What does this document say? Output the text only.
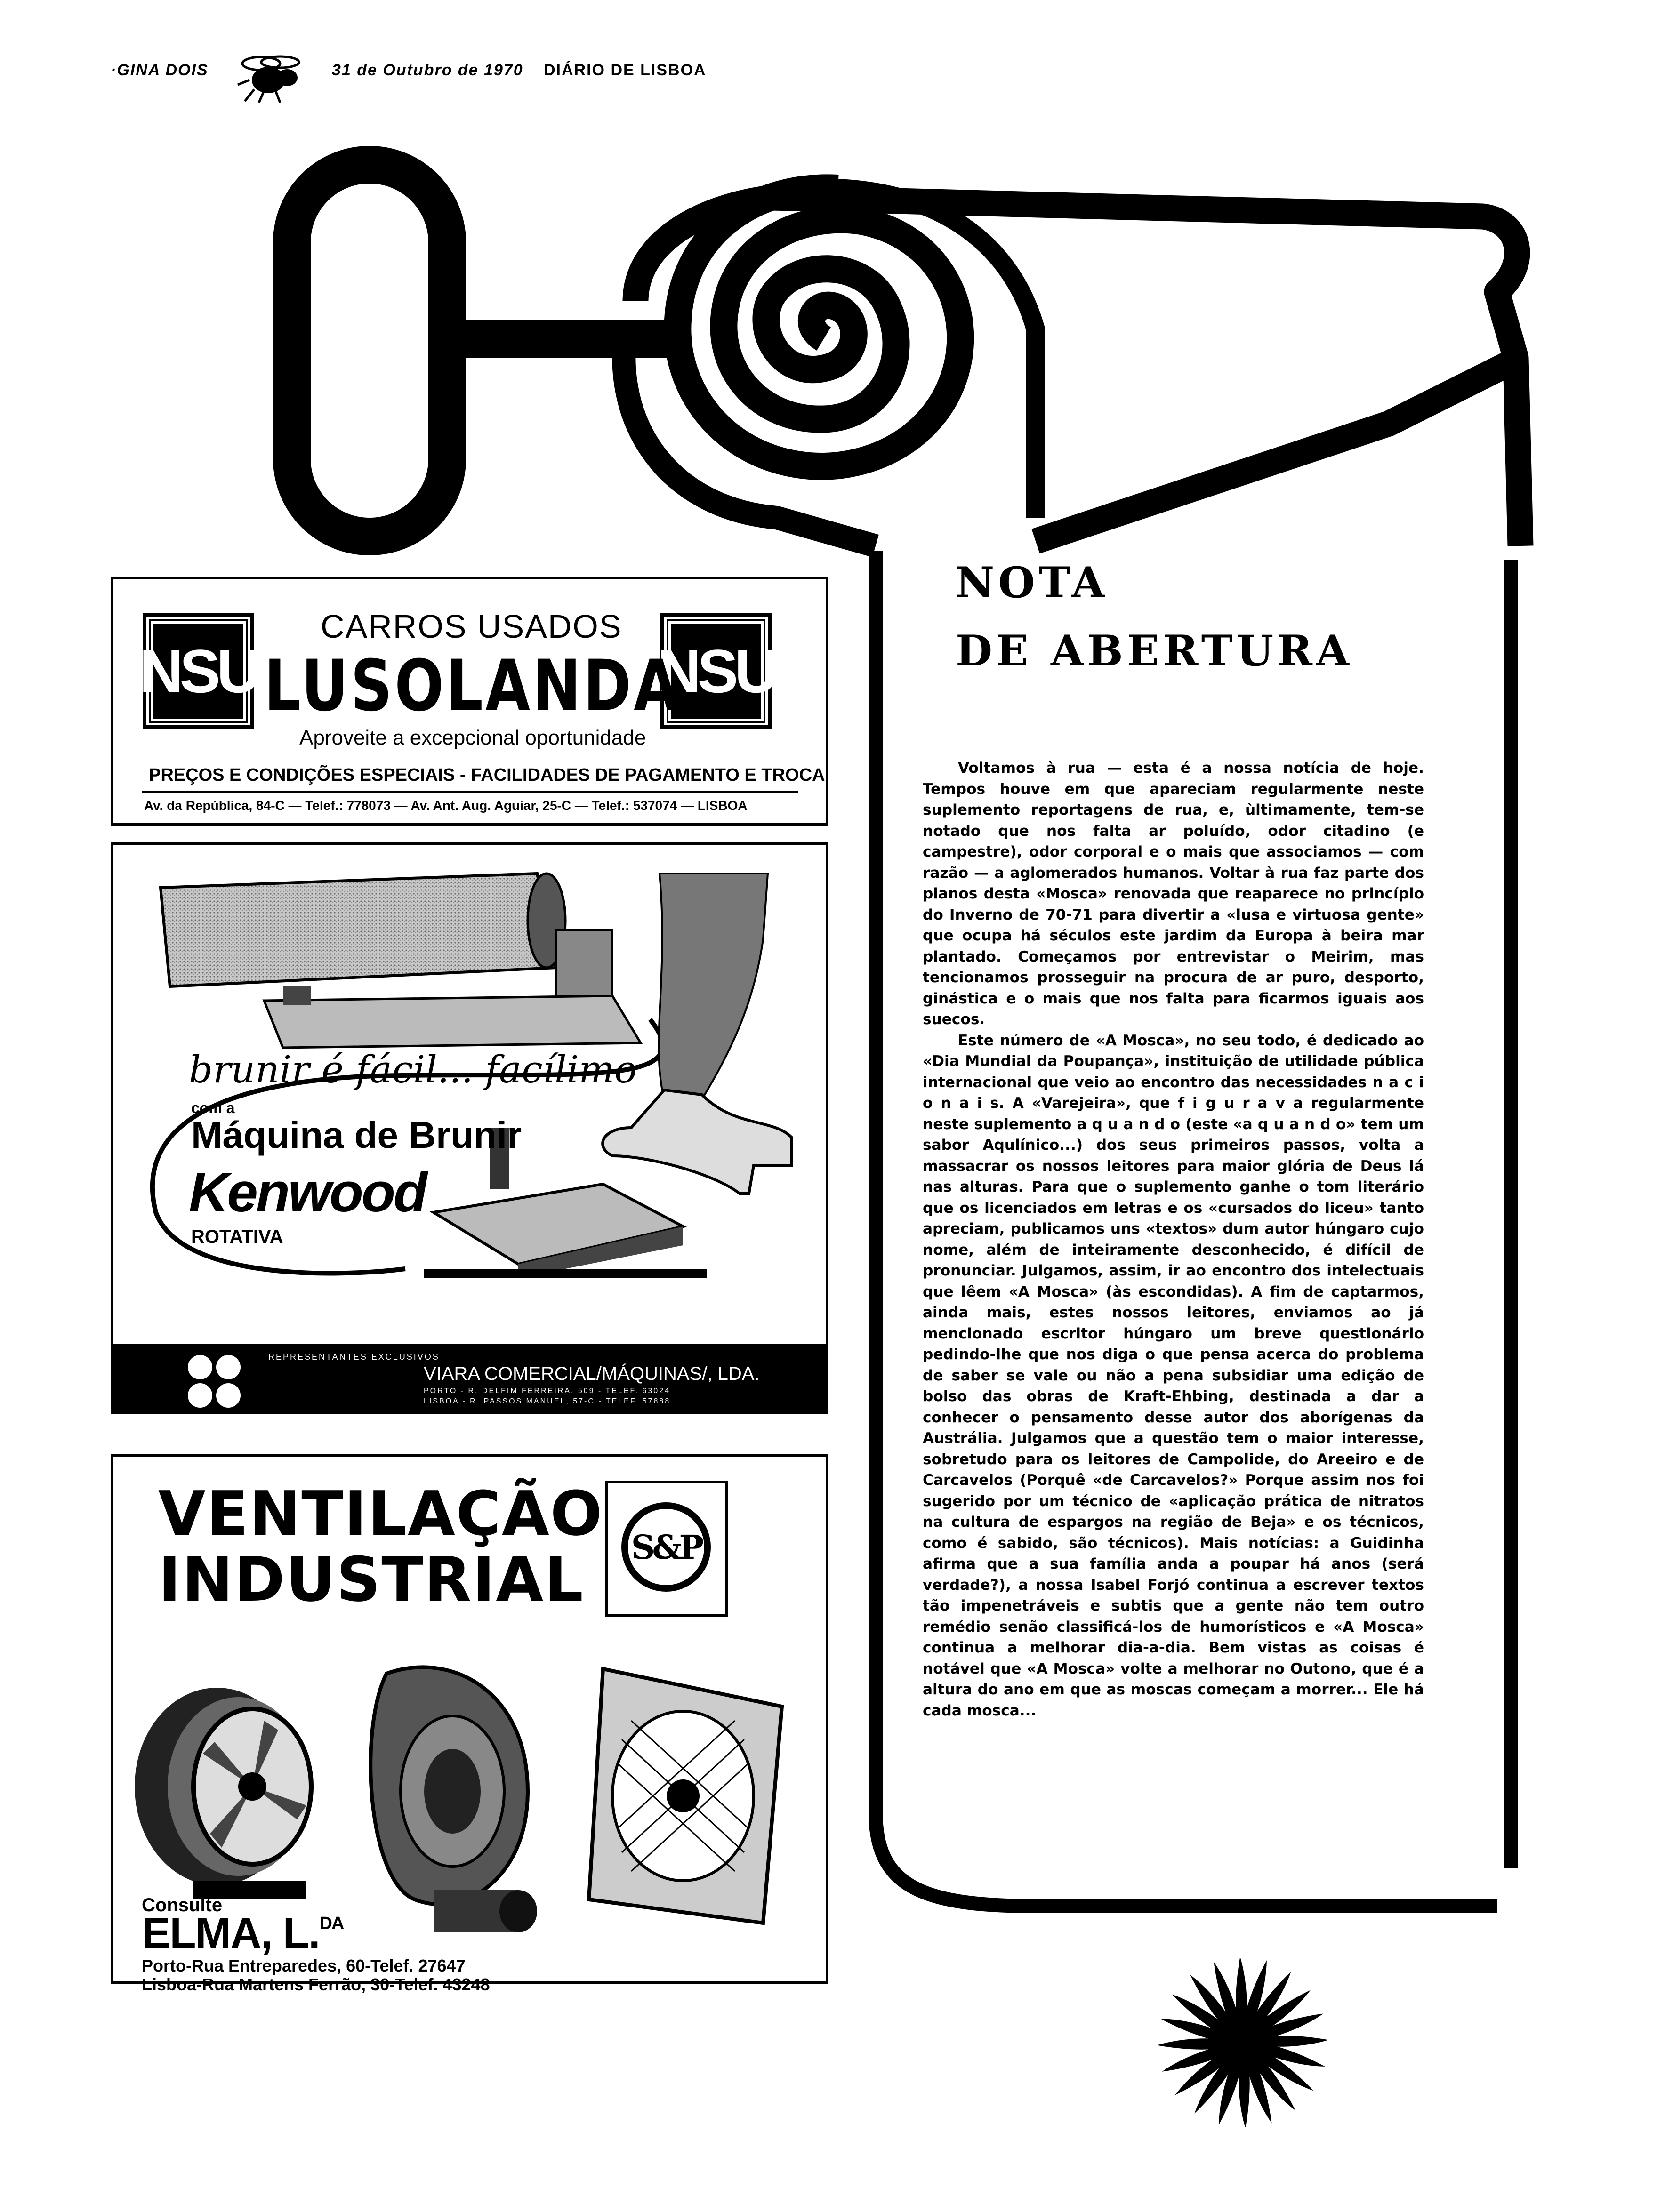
·GINA DOIS	31 de Outubro de 1970 DIÁRIO DE LISBOA
NSU	NSU
CARROS USADOS
LUSOLANDA
Aproveite a excepcional oportunidade
PREÇOS E CONDIÇÕES ESPECIAIS - FACILIDADES DE PAGAMENTO E TROCA
Av. da República, 84-C — Telef.: 778073 — Av. Ant. Aug. Aguiar, 25-C — Telef.: 537074 — LISBOA
brunir é fácil... facílimo
com a
Máquina de Brunir
Kenwood
ROTATIVA
REPRESENTANTES EXCLUSIVOS
VIARA COMERCIAL/MÁQUINAS/, LDA.
PORTO - R. DELFIM FERREIRA, 509 - TELEF. 63024
LISBOA - R. PASSOS MANUEL, 57-C - TELEF. 57888
VENTILAÇÃO
INDUSTRIAL S&P
Consulte
ELMA, L.$^{DA}$
Porto-Rua Entreparedes, 60-Telef. 27647
Lisboa-Rua Martens Ferrão, 30-Telef. 43248
NOTA
DE ABERTURA

Voltamos à rua — esta é a nossa notícia de hoje. Tempos houve em que apareciam regularmente neste suplemento reportagens de rua, e, ùltimamente, tem-se notado que nos falta ar poluído, odor citadino (e campestre), odor corporal e o mais que associamos — com razão — a aglomerados humanos. Voltar à rua faz parte dos planos desta «Mosca» renovada que reaparece no princípio do Inverno de 70-71 para divertir a «lusa e virtuosa gente» que ocupa há séculos este jardim da Europa à beira mar plantado. Começamos por entrevistar o Meirim, mas tencionamos prosseguir na procura de ar puro, desporto, ginástica e o mais que nos falta para ficarmos iguais aos suecos.

Este número de «A Mosca», no seu todo, é dedicado ao «Dia Mundial da Poupança», instituição de utilidade pública internacional que veio ao encontro das necessidades n a c i o n a i s. A «Varejeira», que f i g u r a v a regularmente neste suplemento a q u a n d o (este «a q u a n d o» tem um sabor Aqulínico...) dos seus primeiros passos, volta a massacrar os nossos leitores para maior glória de Deus lá nas alturas. Para que o suplemento ganhe o tom literário que os licenciados em letras e os «cursados do liceu» tanto apreciam, publicamos uns «textos» dum autor húngaro cujo nome, além de inteiramente desconhecido, é difícil de pronunciar. Julgamos, assim, ir ao encontro dos intelectuais que lêem «A Mosca» (às escondidas). A fim de captarmos, ainda mais, estes nossos leitores, enviamos ao já mencionado escritor húngaro um breve questionário pedindo-lhe que nos diga o que pensa acerca do problema de saber se vale ou não a pena subsidiar uma edição de bolso das obras de Kraft-Ehbing, destinada a dar a conhecer o pensamento desse autor dos aborígenas da Austrália. Julgamos que a questão tem o maior interesse, sobretudo para os leitores de Campolide, do Areeiro e de Carcavelos (Porquê «de Carcavelos?» Porque assim nos foi sugerido por um técnico de «aplicação prática de nitratos na cultura de espargos na região de Beja» e os técnicos, como é sabido, são técnicos). Mais notícias: a Guidinha afirma que a sua família anda a poupar há anos (será verdade?), a nossa Isabel Forjó continua a escrever textos tão impenetráveis e subtis que a gente não tem outro remédio senão classificá-los de humorísticos e «A Mosca» continua a melhorar dia-a-dia. Bem vistas as coisas é notável que «A Mosca» volte a melhorar no Outono, que é a altura do ano em que as moscas começam a morrer... Ele há cada mosca...
